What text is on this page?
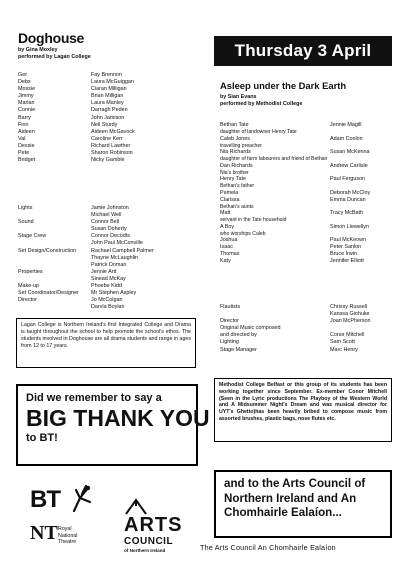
Doghouse
by Gina Moxley
performed by Lagan College
Ger	Fay Brennon
Debs	Laura McGuiggan
Mossie	Ciaran Milligan
Jimmy	Brian Milligan
Marian	Laura Manley
Connie	Darragh Peden
Barry	John Jamison
Finn	Neil Sturdy
Aideen	Aideen McGavock
Val	Caroline Kerr
Dessie	Richard Lawther
Pete	Sharon Robinson
Bridget	Nicky Gamble
Lights	Jamie Johnston
Michael Well
Sound	Connor Bell
Susan Doherty
Stage Crew	Connor Decodts
John Paul McConville
Set Design/Construction	Rachael Campbell Palmer
Thayne McLaughlin
Patrick Doman
Properties	Jennie Artt
Sinead McKay
Make-up	Phoebe Kidd
Set Coordinator/Designer	Mr Stephen Aspley
Director	Jo McColgan
Darvla Boylan
Lagan College is Northern Ireland's first Integrated College and Drama is taught throughout the school to help promote the school's ethos. The students involved in Doghouse are all drama students and range in ages from 12 to 17 years.
Did we remember to say a
BIG THANK YOU
to BT!
BT
NT Royal
National
Theatre
ARTS
COUNCIL
of Northern Ireland
Thursday 3 April
Asleep under the Dark Earth
by Sian Evans
performed by Methodist College
Bethan Tate	Jennie Magill
daughter of landowner Henry Tate
Caleb Jones	Adam Conlon
travelling preacher
Nia Richards	Susan McKenna
daughter of farm labourers and friend of Bethan
Dan Richards	Andrew Carlisle
Nia's brother
Henry Tate	Paul Ferguson
Bethan's father
Pamela	Deborah McCloy
Clarissa	Emma Duncan
Bethan's aunts
Matt	Tracy McBath
servant in the Tate household
A Boy	Simon Llewellyn
who worships Caleb
Joshua	Paul McKeown
Isaac	Peter Sanlon
Thomas	Bruce Irwin
Katy	Jennifer Elliott
Flautists	Chrissy Russell
Kanssa Giohuke
Director	Joan McPherson
Original Music composed
and directed by	Conor Mitchell
Lighting	Sam Scott
Stage Manager	Marc Henry
Methodist College Belfast or this group of its students has been working together since September. Ex-member Conor Mitchell (Seen in the Lyric productions The Playboy of the Western World and A Midsummer Night's Dream and was musical director for UYT's Ghetto)has been heavily bribed to compose music from assorted brushes, plastic bags, nose flutes etc.
and to the Arts Council of Northern Ireland and An Chomhairle Ealaíon...
The Arts Council An Chomhairle Ealaíon
